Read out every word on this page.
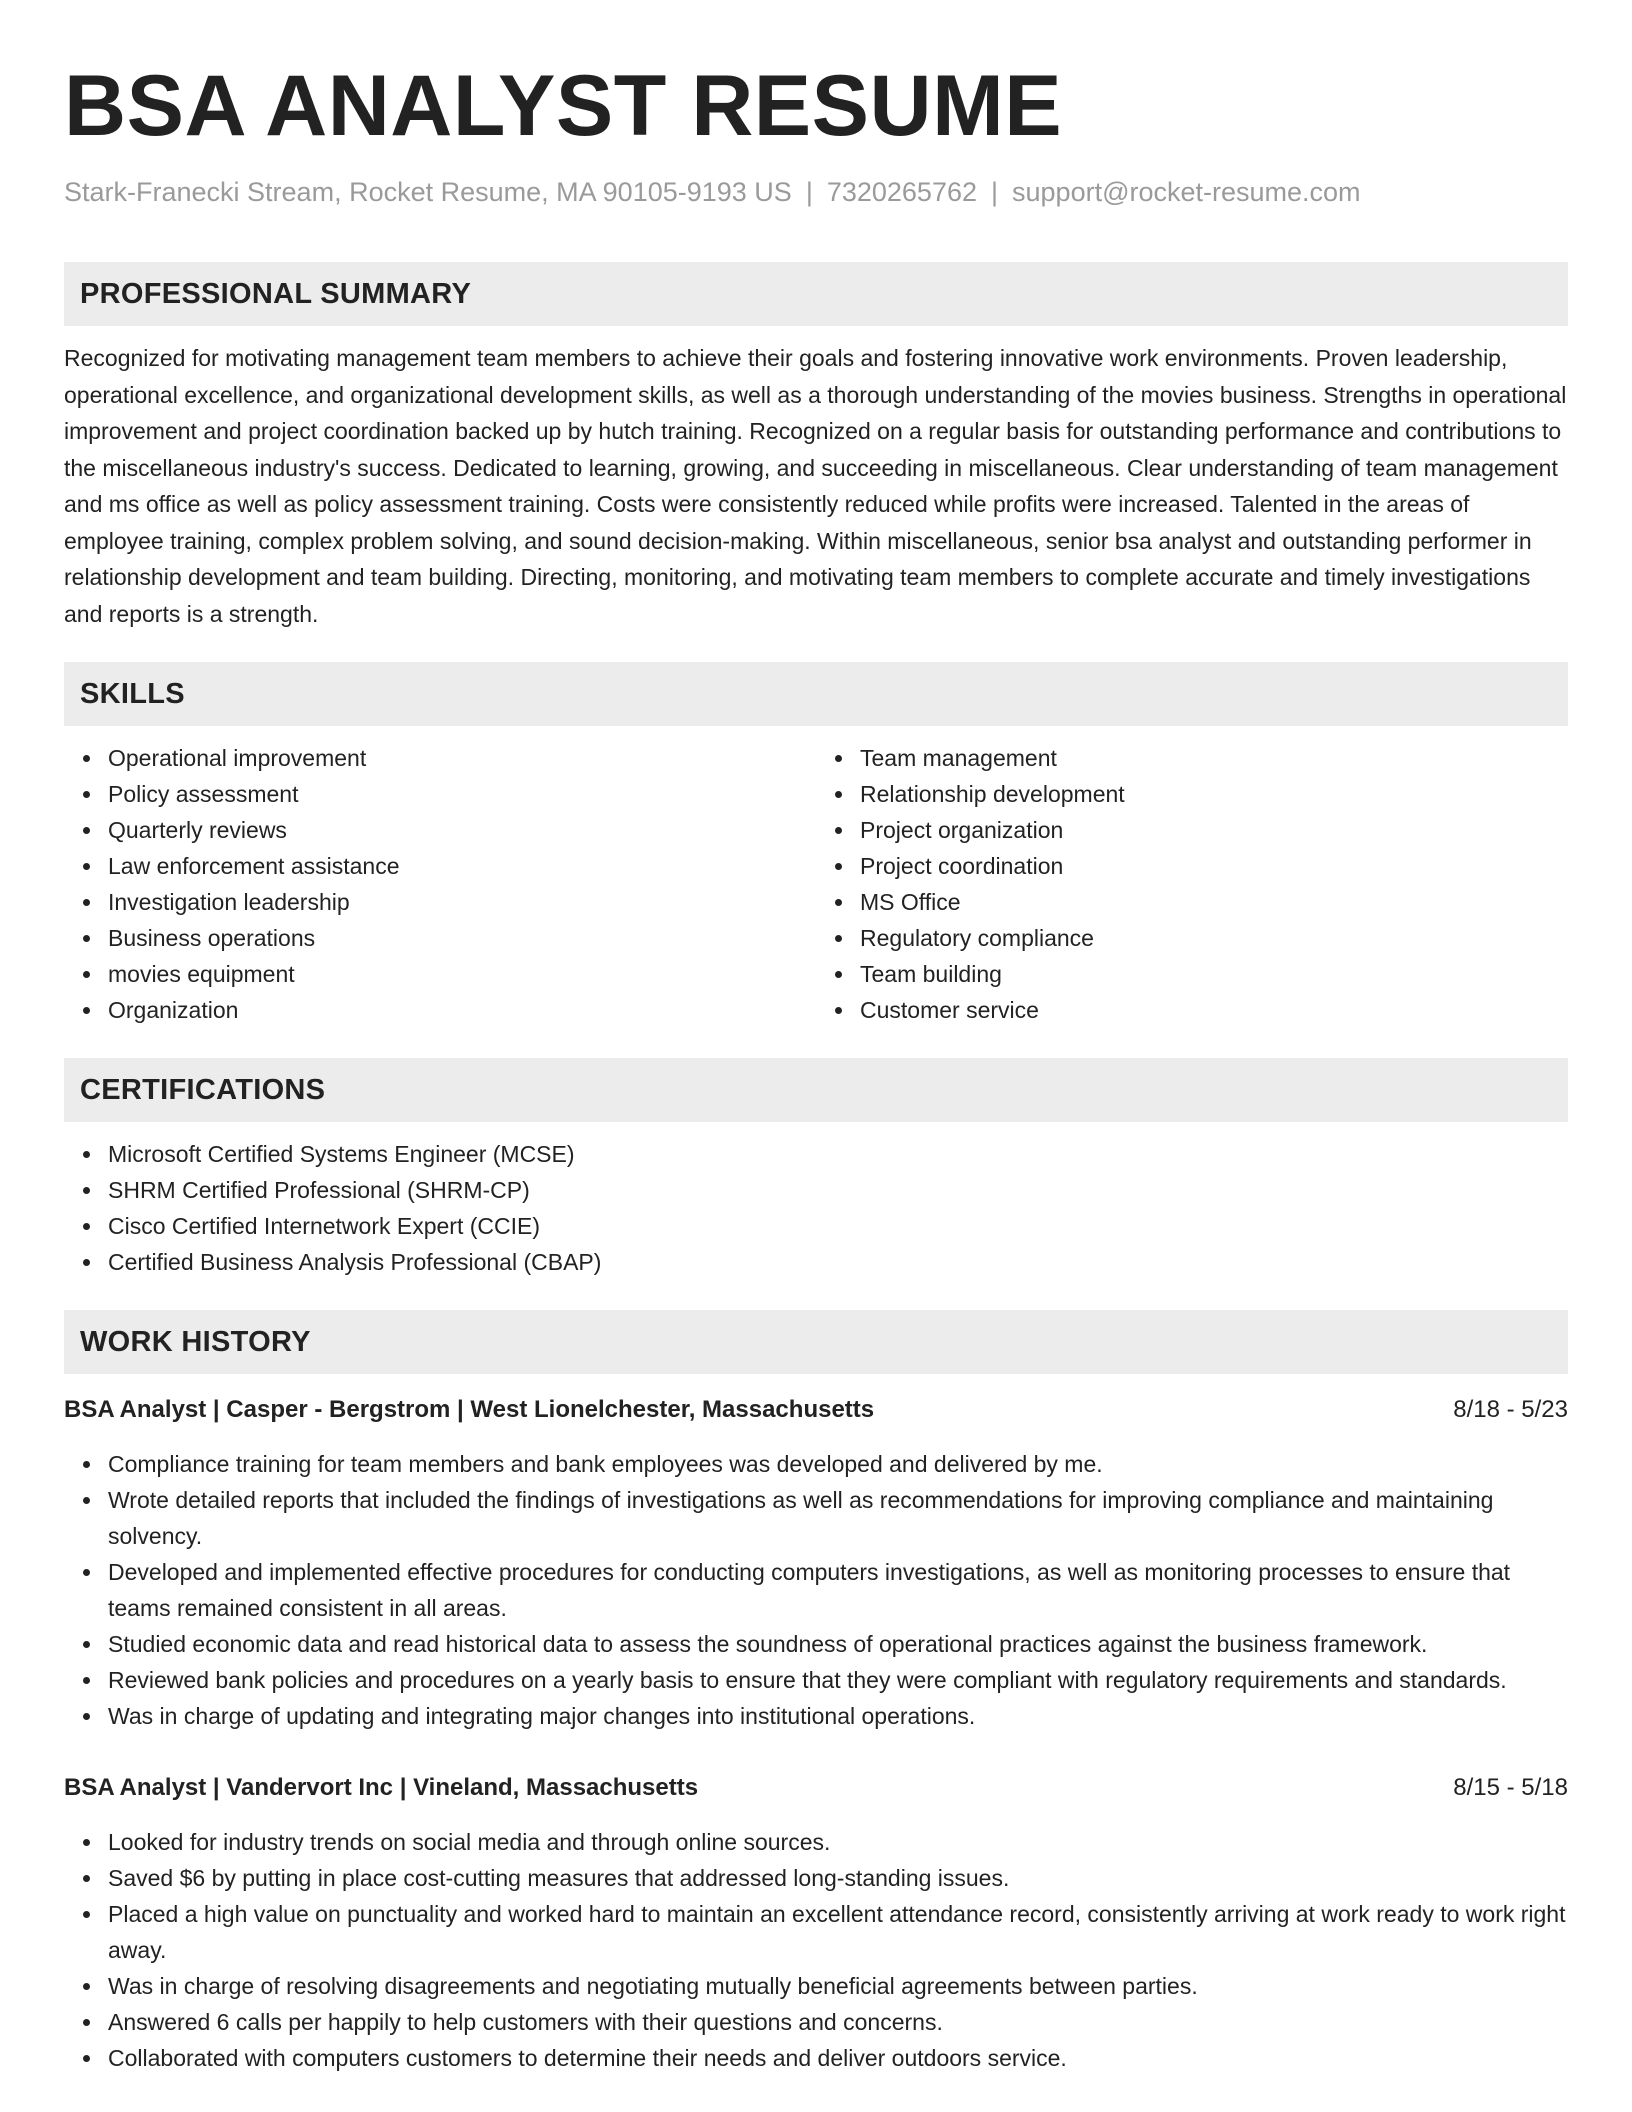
BSA ANALYST RESUME
Stark-Franecki Stream, Rocket Resume, MA 90105-9193 US | 7320265762 | support@rocket-resume.com
PROFESSIONAL SUMMARY

Recognized for motivating management team members to achieve their goals and fostering innovative work environments. Proven leadership, operational excellence, and organizational development skills, as well as a thorough understanding of the movies business. Strengths in operational improvement and project coordination backed up by hutch training. Recognized on a regular basis for outstanding performance and contributions to the miscellaneous industry's success. Dedicated to learning, growing, and succeeding in miscellaneous. Clear understanding of team management and ms office as well as policy assessment training. Costs were consistently reduced while profits were increased. Talented in the areas of employee training, complex problem solving, and sound decision-making. Within miscellaneous, senior bsa analyst and outstanding performer in relationship development and team building. Directing, monitoring, and motivating team members to complete accurate and timely investigations and reports is a strength.

SKILLS
Operational improvement
Policy assessment
Quarterly reviews
Law enforcement assistance
Investigation leadership
Business operations
movies equipment
Organization
Team management
Relationship development
Project organization
Project coordination
MS Office
Regulatory compliance
Team building
Customer service
CERTIFICATIONS
Microsoft Certified Systems Engineer (MCSE)
SHRM Certified Professional (SHRM-CP)
Cisco Certified Internetwork Expert (CCIE)
Certified Business Analysis Professional (CBAP)
WORK HISTORY
BSA Analyst | Casper - Bergstrom | West Lionelchester, Massachusetts	8/18 - 5/23
Compliance training for team members and bank employees was developed and delivered by me.
Wrote detailed reports that included the findings of investigations as well as recommendations for improving compliance and maintaining solvency.
Developed and implemented effective procedures for conducting computers investigations, as well as monitoring processes to ensure that teams remained consistent in all areas.
Studied economic data and read historical data to assess the soundness of operational practices against the business framework.
Reviewed bank policies and procedures on a yearly basis to ensure that they were compliant with regulatory requirements and standards.
Was in charge of updating and integrating major changes into institutional operations.
BSA Analyst | Vandervort Inc | Vineland, Massachusetts	8/15 - 5/18
Looked for industry trends on social media and through online sources.
Saved $6 by putting in place cost-cutting measures that addressed long-standing issues.
Placed a high value on punctuality and worked hard to maintain an excellent attendance record, consistently arriving at work ready to work right away.
Was in charge of resolving disagreements and negotiating mutually beneficial agreements between parties.
Answered 6 calls per happily to help customers with their questions and concerns.
Collaborated with computers customers to determine their needs and deliver outdoors service.
